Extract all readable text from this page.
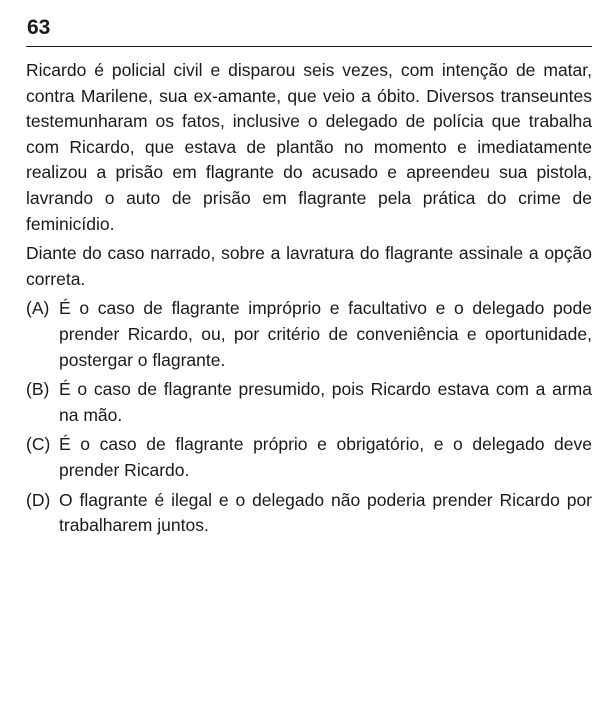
63

Ricardo é policial civil e disparou seis vezes, com intenção de matar, contra Marilene, sua ex-amante, que veio a óbito. Diversos transeuntes testemunharam os fatos, inclusive o delegado de polícia que trabalha com Ricardo, que estava de plantão no momento e imediatamente realizou a prisão em flagrante do acusado e apreendeu sua pistola, lavrando o auto de prisão em flagrante pela prática do crime de feminicídio.

Diante do caso narrado, sobre a lavratura do flagrante assinale a opção correta.

(A) É o caso de flagrante impróprio e facultativo e o delegado pode prender Ricardo, ou, por critério de conveniência e oportunidade, postergar o flagrante.
(B) É o caso de flagrante presumido, pois Ricardo estava com a arma na mão.
(C) É o caso de flagrante próprio e obrigatório, e o delegado deve prender Ricardo.
(D) O flagrante é ilegal e o delegado não poderia prender Ricardo por trabalharem juntos.
